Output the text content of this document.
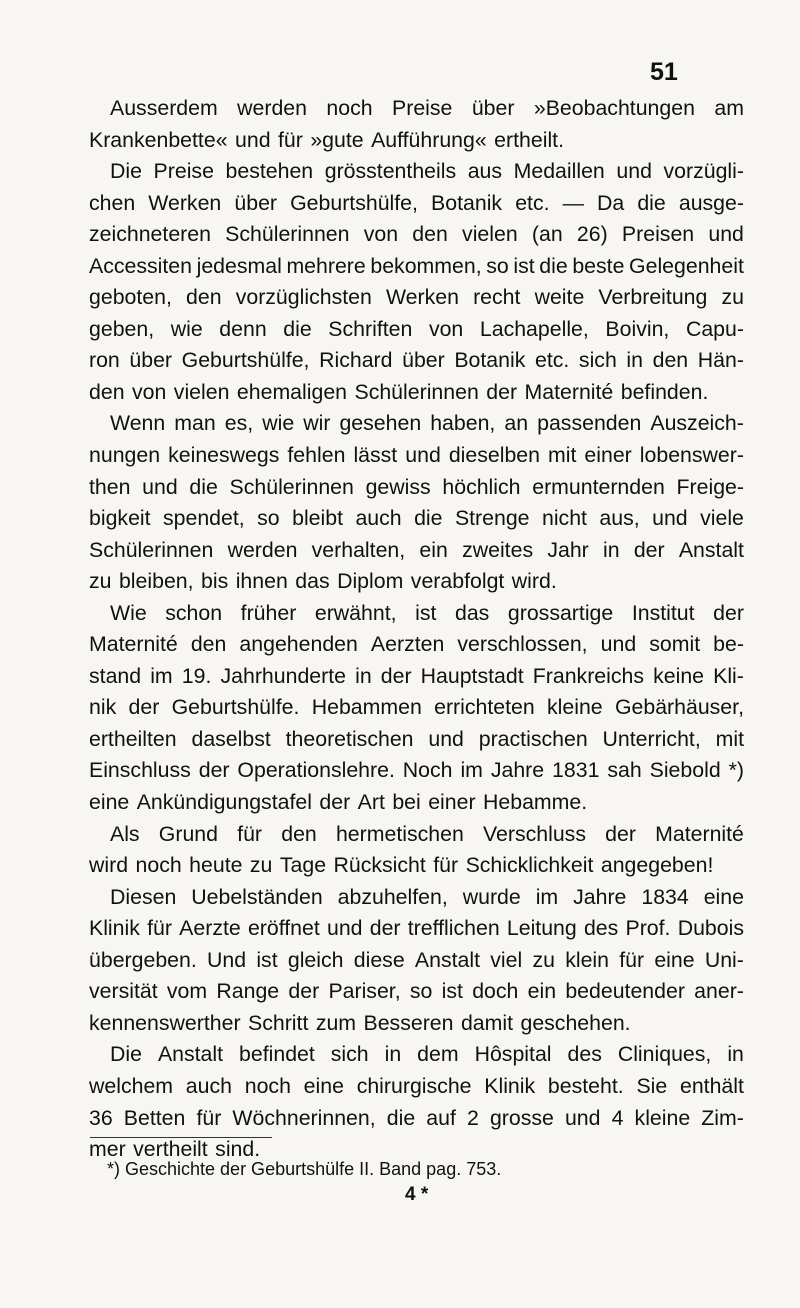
51
Ausserdem werden noch Preise über »Beobachtungen am
Krankenbette« und für »gute Aufführung« ertheilt.
Die Preise bestehen grösstentheils aus Medaillen und vorzügli-
chen Werken über Geburtshülfe, Botanik etc. — Da die ausge-
zeichneteren Schülerinnen von den vielen (an 26) Preisen und
Accessiten jedesmal mehrere bekommen, so ist die beste Gelegenheit
geboten, den vorzüglichsten Werken recht weite Verbreitung zu
geben, wie denn die Schriften von Lachapelle, Boivin, Capu-
ron über Geburtshülfe, Richard über Botanik etc. sich in den Hän-
den von vielen ehemaligen Schülerinnen der Maternité befinden.
Wenn man es, wie wir gesehen haben, an passenden Auszeich-
nungen keineswegs fehlen lässt und dieselben mit einer lobenswer-
then und die Schülerinnen gewiss höchlich ermunternden Freige-
bigkeit spendet, so bleibt auch die Strenge nicht aus, und viele
Schülerinnen werden verhalten, ein zweites Jahr in der Anstalt
zu bleiben, bis ihnen das Diplom verabfolgt wird.
Wie schon früher erwähnt, ist das grossartige Institut der
Maternité den angehenden Aerzten verschlossen, und somit be-
stand im 19. Jahrhunderte in der Hauptstadt Frankreichs keine Kli-
nik der Geburtshülfe. Hebammen errichteten kleine Gebärhäuser,
ertheilten daselbst theoretischen und practischen Unterricht, mit
Einschluss der Operationslehre. Noch im Jahre 1831 sah Siebold *)
eine Ankündigungstafel der Art bei einer Hebamme.
Als Grund für den hermetischen Verschluss der Maternité
wird noch heute zu Tage Rücksicht für Schicklichkeit angegeben!
Diesen Uebelständen abzuhelfen, wurde im Jahre 1834 eine
Klinik für Aerzte eröffnet und der trefflichen Leitung des Prof. Dubois
übergeben. Und ist gleich diese Anstalt viel zu klein für eine Uni-
versität vom Range der Pariser, so ist doch ein bedeutender aner-
kennenswerther Schritt zum Besseren damit geschehen.
Die Anstalt befindet sich in dem Hôspital des Cliniques, in
welchem auch noch eine chirurgische Klinik besteht. Sie enthält
36 Betten für Wöchnerinnen, die auf 2 grosse und 4 kleine Zim-
mer vertheilt sind.
*) Geschichte der Geburtshülfe II. Band pag. 753.
4 *
